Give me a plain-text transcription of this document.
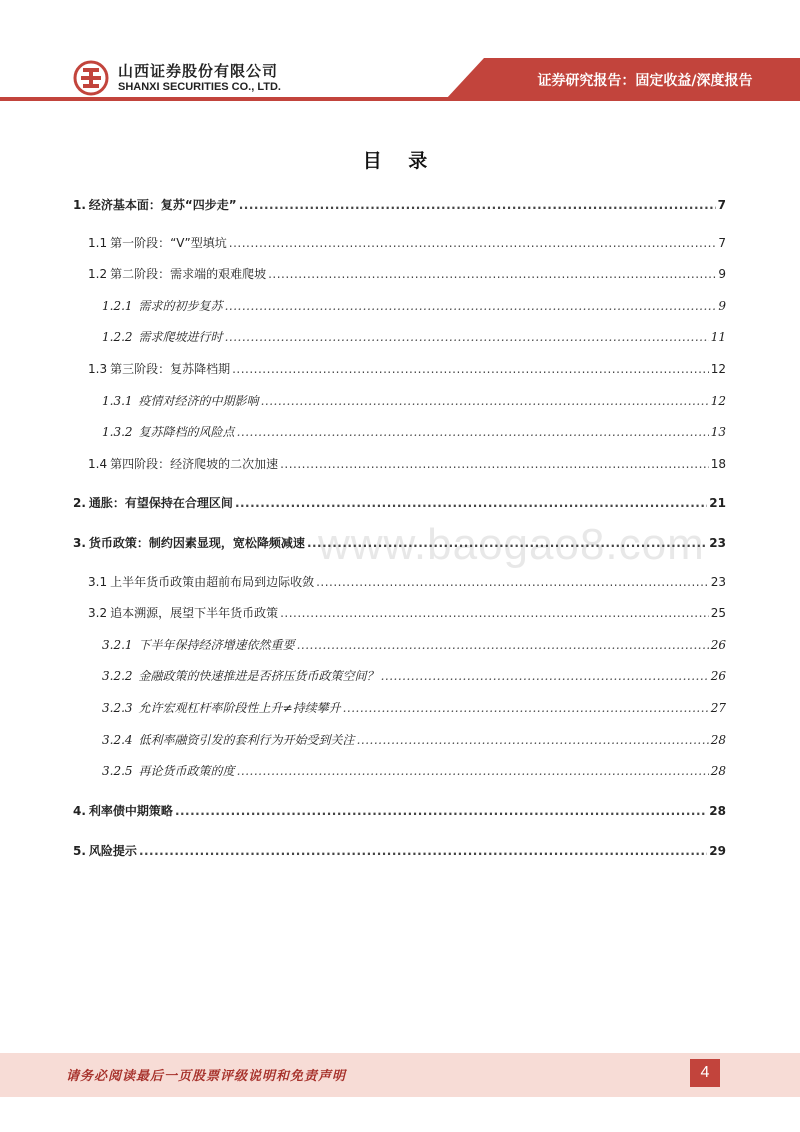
山西证券股份有限公司
SHANXI SECURITIES CO., LTD.	证券研究报告：固定收益/深度报告
目 录
www.baogao8.com
1. 经济基本面：复苏“四步走” .....	7
1.1 第一阶段：“V”型填坑 .....	7
1.2 第二阶段：需求端的艰难爬坡 .....	9
1.2.1 需求的初步复苏 .....	9
1.2.2 需求爬坡进行时 .....	11
1.3 第三阶段：复苏降档期 .....	12
1.3.1 疫情对经济的中期影响 .....	12
1.3.2 复苏降档的风险点 .....	13
1.4 第四阶段：经济爬坡的二次加速 .....	18
2. 通胀：有望保持在合理区间 .....	21
3. 货币政策：制约因素显现，宽松降频减速 .....	23
3.1 上半年货币政策由超前布局到边际收敛 .....	23
3.2 追本溯源，展望下半年货币政策 .....	25
3.2.1 下半年保持经济增速依然重要 .....	26
3.2.2 金融政策的快速推进是否挤压货币政策空间？ .....	26
3.2.3 允许宏观杠杆率阶段性上升≠持续攀升 .....	27
3.2.4 低利率融资引发的套利行为开始受到关注 .....	28
3.2.5 再论货币政策的度 .....	28
4. 利率债中期策略 .....	28
5. 风险提示 .....	29
请务必阅读最后一页股票评级说明和免责声明	4
